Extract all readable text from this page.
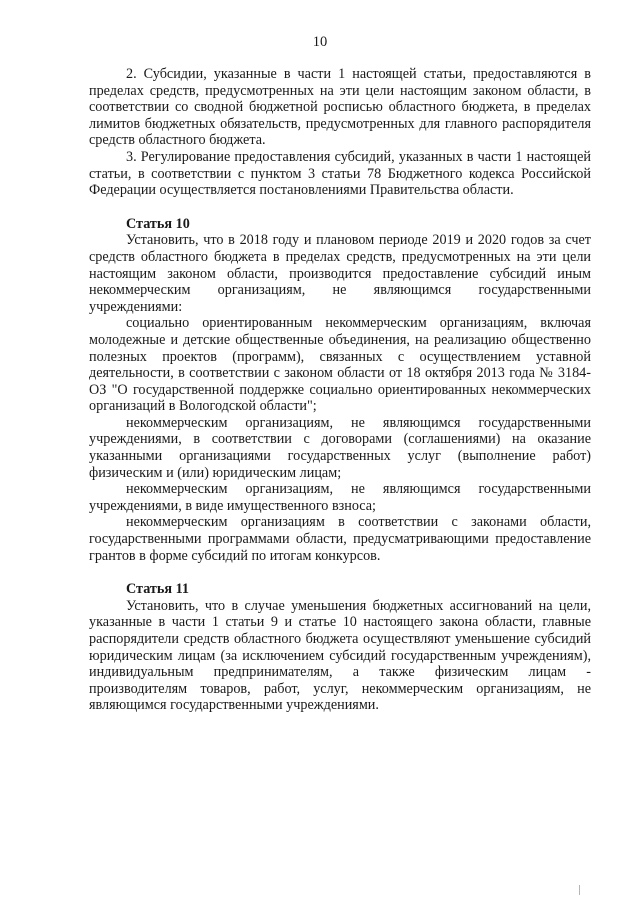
10

2. Субсидии, указанные в части 1 настоящей статьи, предоставляются в пределах средств, предусмотренных на эти цели настоящим законом области, в соответствии со сводной бюджетной росписью областного бюджета, в пределах лимитов бюджетных обязательств, предусмотренных для главного распорядителя средств областного бюджета.

3. Регулирование предоставления субсидий, указанных в части 1 настоящей статьи, в соответствии с пунктом 3 статьи 78 Бюджетного кодекса Российской Федерации осуществляется постановлениями Правительства области.

Статья 10

Установить, что в 2018 году и плановом периоде 2019 и 2020 годов за счет средств областного бюджета в пределах средств, предусмотренных на эти цели настоящим законом области, производится предоставление субсидий иным некоммерческим организациям, не являющимся государственными учреждениями:

социально ориентированным некоммерческим организациям, включая молодежные и детские общественные объединения, на реализацию общественно полезных проектов (программ), связанных с осуществлением уставной деятельности, в соответствии с законом области от 18 октября 2013 года № 3184-ОЗ "О государственной поддержке социально ориентированных некоммерческих организаций в Вологодской области";

некоммерческим организациям, не являющимся государственными учреждениями, в соответствии с договорами (соглашениями) на оказание указанными организациями государственных услуг (выполнение работ) физическим и (или) юридическим лицам;

некоммерческим организациям, не являющимся государственными учреждениями, в виде имущественного взноса;

некоммерческим организациям в соответствии с законами области, государственными программами области, предусматривающими предоставление грантов в форме субсидий по итогам конкурсов.

Статья 11

Установить, что в случае уменьшения бюджетных ассигнований на цели, указанные в части 1 статьи 9 и статье 10 настоящего закона области, главные распорядители средств областного бюджета осуществляют уменьшение субсидий юридическим лицам (за исключением субсидий государственным учреждениям), индивидуальным предпринимателям, а также физическим лицам - производителям товаров, работ, услуг, некоммерческим организациям, не являющимся государственными учреждениями.
